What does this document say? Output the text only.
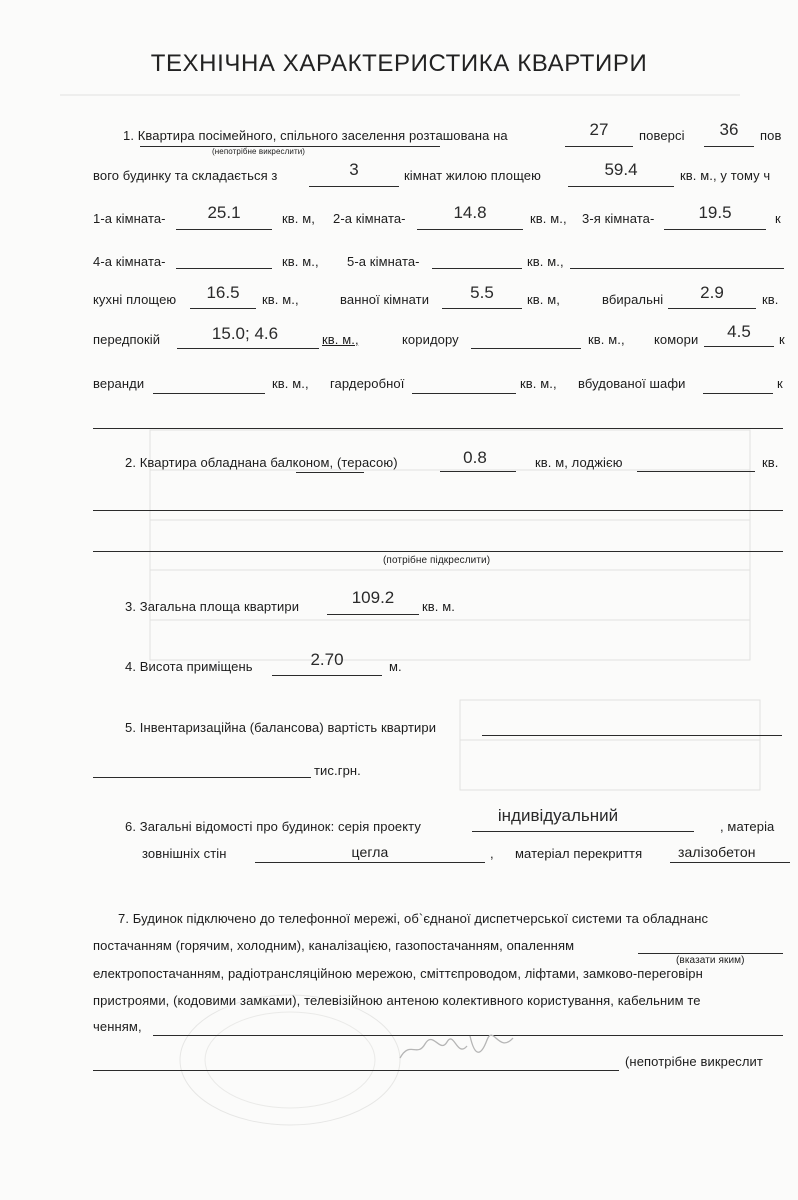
ТЕХНІЧНА ХАРАКТЕРИСТИКА КВАРТИРИ
1. Квартира посімейного, спільного заселення розташована на
(непотрібне викреслити)
27	поверсі	36	пов
вого будинку та складається з	3	кімнат жилою площею	59.4	кв. м., у тому ч
1-а кімната-	25.1	кв. м, 2-а кімната-	14.8	кв. м., 3-я кімната-	19.5	к
4-а кімната-	кв. м., 5-а кімната-	кв. м.,
кухні площею	16.5	кв. м.,	ванної кімнати	5.5	кв. м,	вбиральні	2.9	кв.
передпокій	15.0; 4.6	кв. м.,	коридору	кв. м., комори	4.5	к
веранди	кв. м., гардеробної	кв. м., вбудованої шафи	к
2. Квартира обладнана балконом, (терасою)	0.8	кв. м, лоджією	кв.
(потрібне підкреслити)
3. Загальна площа квартири	109.2	кв. м.
4. Висота приміщень	2.70	м.
5. Інвентаризаційна (балансова) вартість квартири
тис.грн.
6. Загальні відомості про будинок: серія проекту
індивідуальний
, матеріа
зовнішніх стін	цегла	, матеріал перекриття	залізобетон
7. Будинок підключено до телефонної мережі, об`єднаної диспетчерської системи та обладнанс
постачанням (горячим, холодним), каналізацією, газопостачанням, опаленням
(вказати яким)
електропостачанням, радіотрансляційною мережою, сміттєпроводом, ліфтами, замково-переговірн
пристроями, (кодовими замками), телевізійною антеною колективного користування, кабельним те
ченням,
(непотрібне викреслит
